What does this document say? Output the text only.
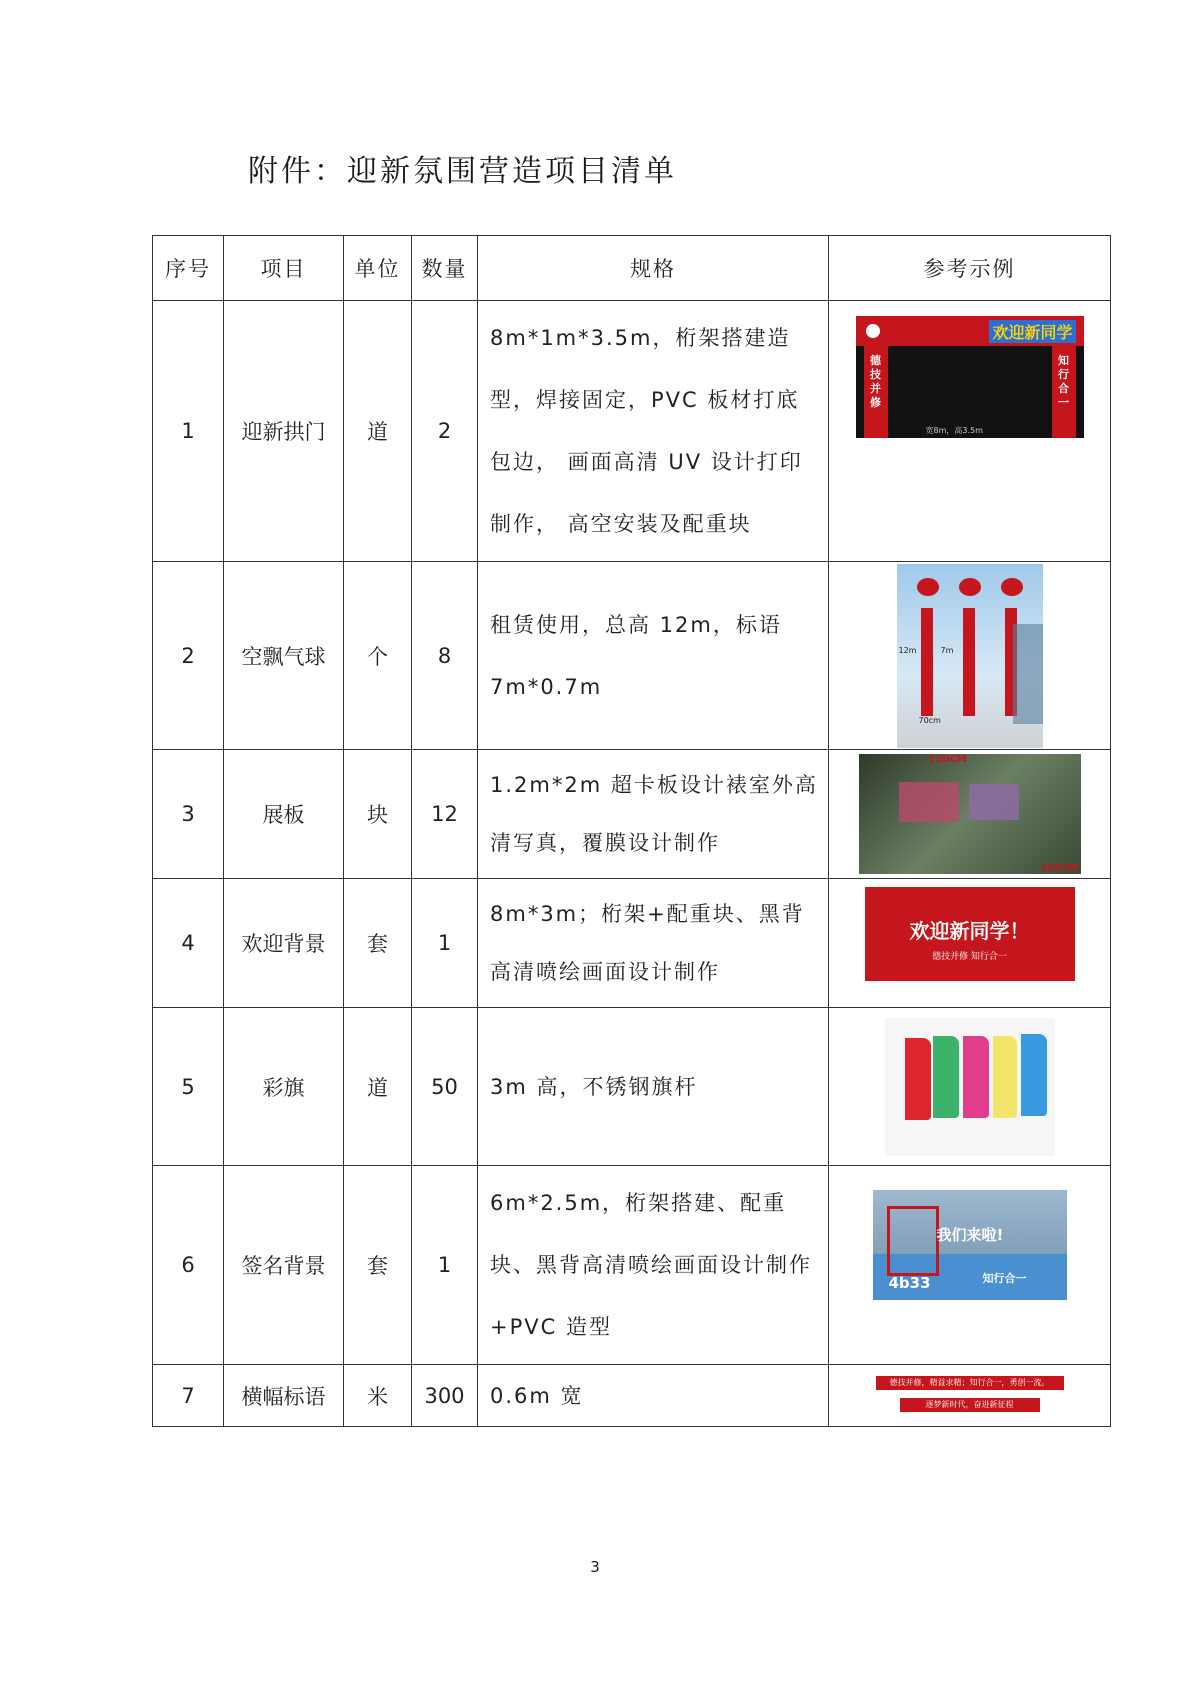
附件：迎新氛围营造项目清单
序号	项目	单位	数量	规格	参考示例
1	迎新拱门	道	2	8m*1m*3.5m，桁架搭建造型，焊接固定，PVC 板材打底包边， 画面高清 UV 设计打印制作， 高空安装及配重块	欢迎新同学
德技并修
知行合一
宽8m，高3.5m

2	空飘气球	个	8	租赁使用，总高 12m，标语 7m*0.7m	12m 7m
70cm

3	展板	块	12	1.2m*2m 超卡板设计裱室外高清写真，覆膜设计制作	120CM
180CM

4	欢迎背景	套	1	8m*3m；桁架+配重块、黑背高清喷绘画面设计制作	欢迎新同学！
德技并修 知行合一

5	彩旗	道	50	3m 高，不锈钢旗杆	

6	签名背景	套	1	6m*2.5m，桁架搭建、配重块、黑背高清喷绘画面设计制作+PVC 造型	我们来啦!
4b33 知行合一

7	横幅标语	米	300	0.6m 宽	德技并修，精益求精；知行合一，勇创一流。
逐梦新时代，奋进新征程
3
